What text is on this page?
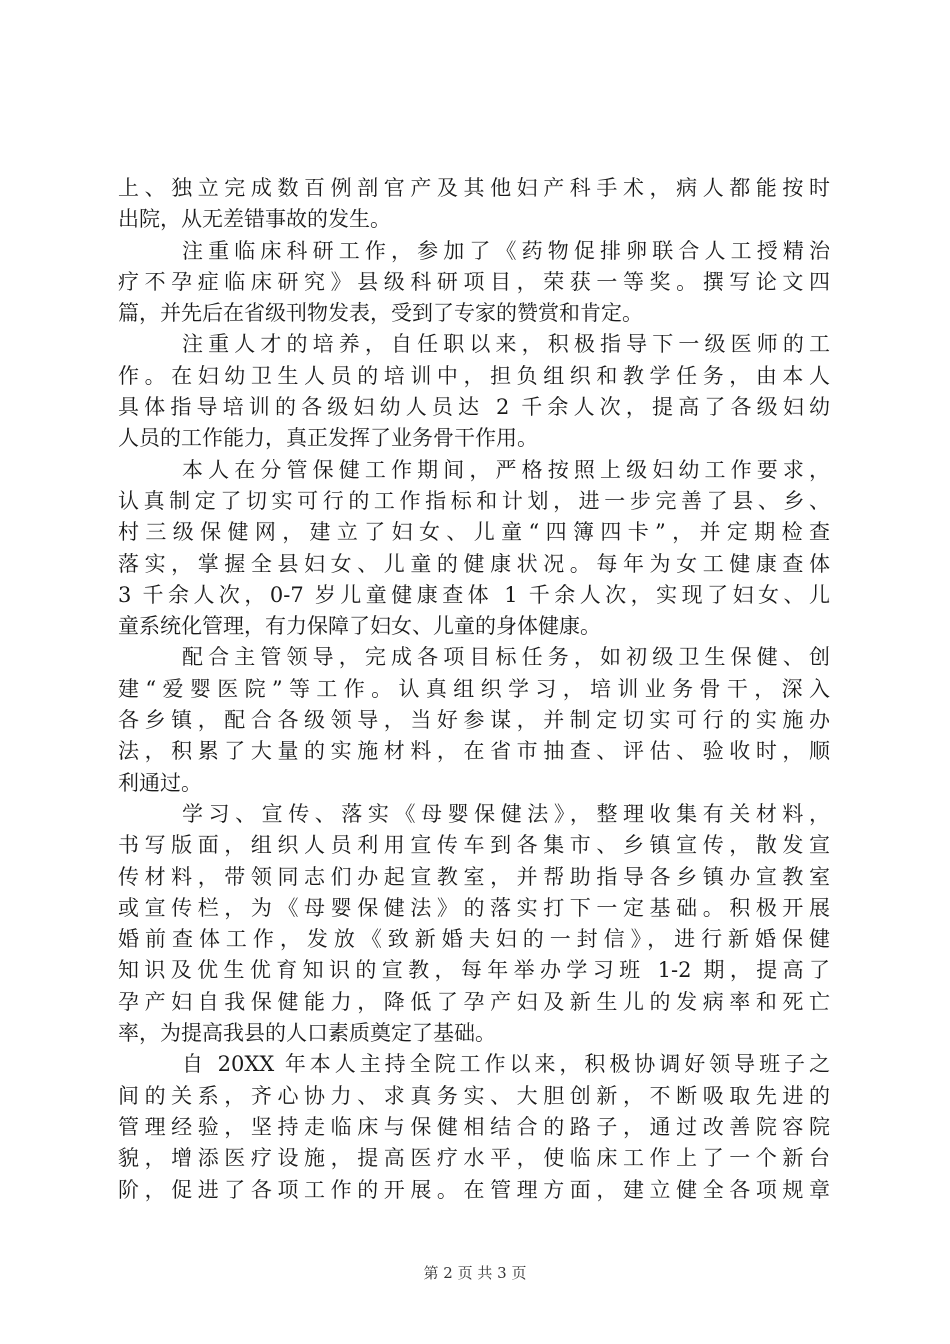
上、独立完成数百例剖官产及其他妇产科手术，病人都能按时
出院，从无差错事故的发生。
注重临床科研工作，参加了《药物促排卵联合人工授精治
疗不孕症临床研究》县级科研项目，荣获一等奖。撰写论文四
篇，并先后在省级刊物发表，受到了专家的赞赏和肯定。
注重人才的培养，自任职以来，积极指导下一级医师的工
作。在妇幼卫生人员的培训中，担负组织和教学任务，由本人
具体指导培训的各级妇幼人员达 2 千余人次，提高了各级妇幼
人员的工作能力，真正发挥了业务骨干作用。
本人在分管保健工作期间，严格按照上级妇幼工作要求，
认真制定了切实可行的工作指标和计划，进一步完善了县、乡、
村三级保健网，建立了妇女、儿童“四簿四卡”，并定期检查
落实，掌握全县妇女、儿童的健康状况。每年为女工健康查体
3 千余人次，0-7 岁儿童健康查体 1 千余人次，实现了妇女、儿
童系统化管理，有力保障了妇女、儿童的身体健康。
配合主管领导，完成各项目标任务，如初级卫生保健、创
建“爱婴医院”等工作。认真组织学习，培训业务骨干，深入
各乡镇，配合各级领导，当好参谋，并制定切实可行的实施办
法，积累了大量的实施材料，在省市抽查、评估、验收时，顺
利通过。
学习、宣传、落实《母婴保健法》，整理收集有关材料，
书写版面，组织人员利用宣传车到各集市、乡镇宣传，散发宣
传材料，带领同志们办起宣教室，并帮助指导各乡镇办宣教室
或宣传栏，为《母婴保健法》的落实打下一定基础。积极开展
婚前查体工作，发放《致新婚夫妇的一封信》，进行新婚保健
知识及优生优育知识的宣教，每年举办学习班 1-2 期，提高了
孕产妇自我保健能力，降低了孕产妇及新生儿的发病率和死亡
率，为提高我县的人口素质奠定了基础。
自 20XX 年本人主持全院工作以来，积极协调好领导班子之
间的关系，齐心协力、求真务实、大胆创新，不断吸取先进的
管理经验，坚持走临床与保健相结合的路子，通过改善院容院
貌，增添医疗设施，提高医疗水平，使临床工作上了一个新台
阶，促进了各项工作的开展。在管理方面，建立健全各项规章
第 2 页 共 3 页
